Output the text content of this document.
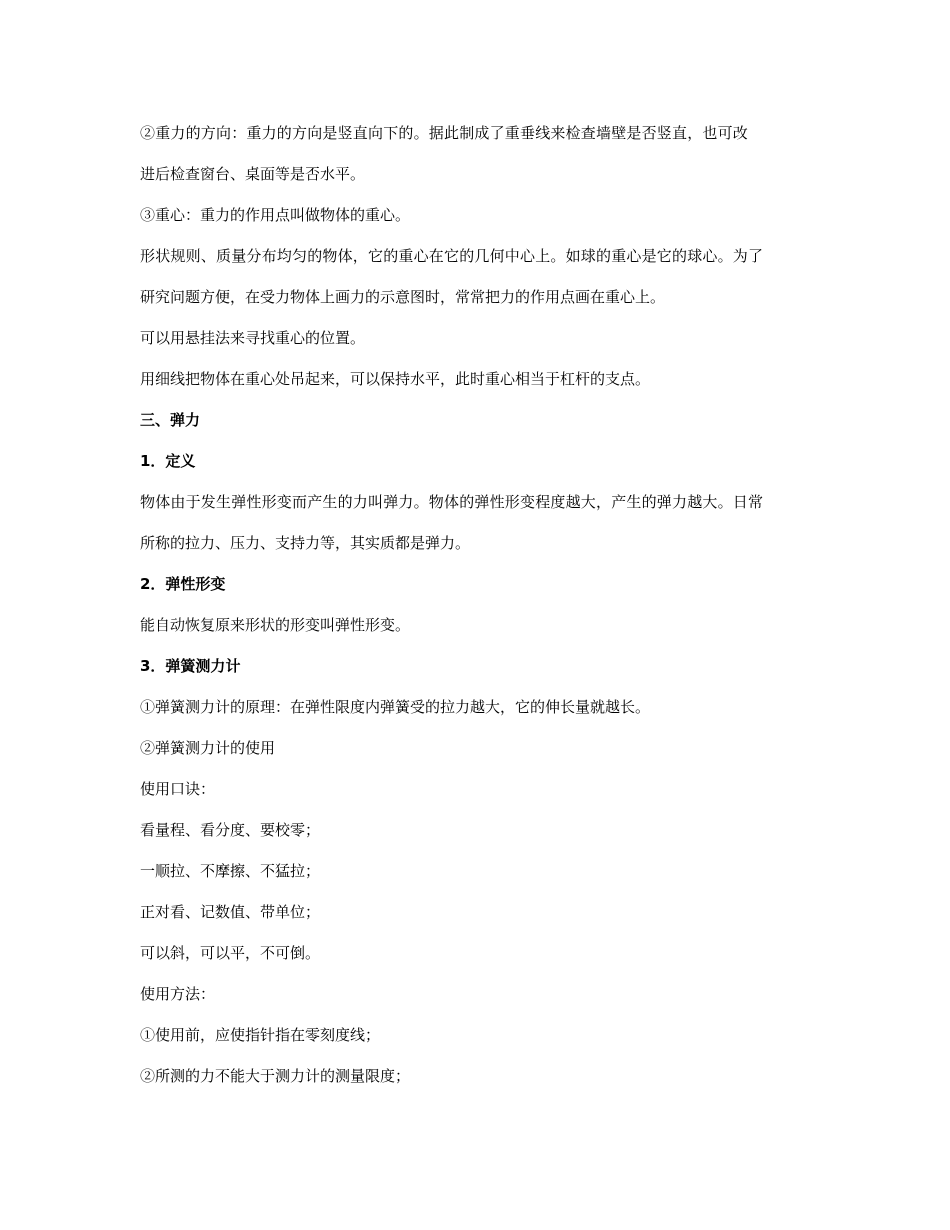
②重力的方向：重力的方向是竖直向下的。据此制成了重垂线来检查墙壁是否竖直，也可改
进后检查窗台、桌面等是否水平。
③重心：重力的作用点叫做物体的重心。
形状规则、质量分布均匀的物体，它的重心在它的几何中心上。如球的重心是它的球心。为了
研究问题方便，在受力物体上画力的示意图时，常常把力的作用点画在重心上。
可以用悬挂法来寻找重心的位置。
用细线把物体在重心处吊起来，可以保持水平，此时重心相当于杠杆的支点。
三、弹力
1．定义
物体由于发生弹性形变而产生的力叫弹力。物体的弹性形变程度越大，产生的弹力越大。日常
所称的拉力、压力、支持力等，其实质都是弹力。
2．弹性形变
能自动恢复原来形状的形变叫弹性形变。
3．弹簧测力计
①弹簧测力计的原理：在弹性限度内弹簧受的拉力越大，它的伸长量就越长。
②弹簧测力计的使用
使用口诀：
看量程、看分度、要校零；
一顺拉、不摩擦、不猛拉；
正对看、记数值、带单位；
可以斜，可以平，不可倒。
使用方法：
①使用前，应使指针指在零刻度线；
②所测的力不能大于测力计的测量限度；
